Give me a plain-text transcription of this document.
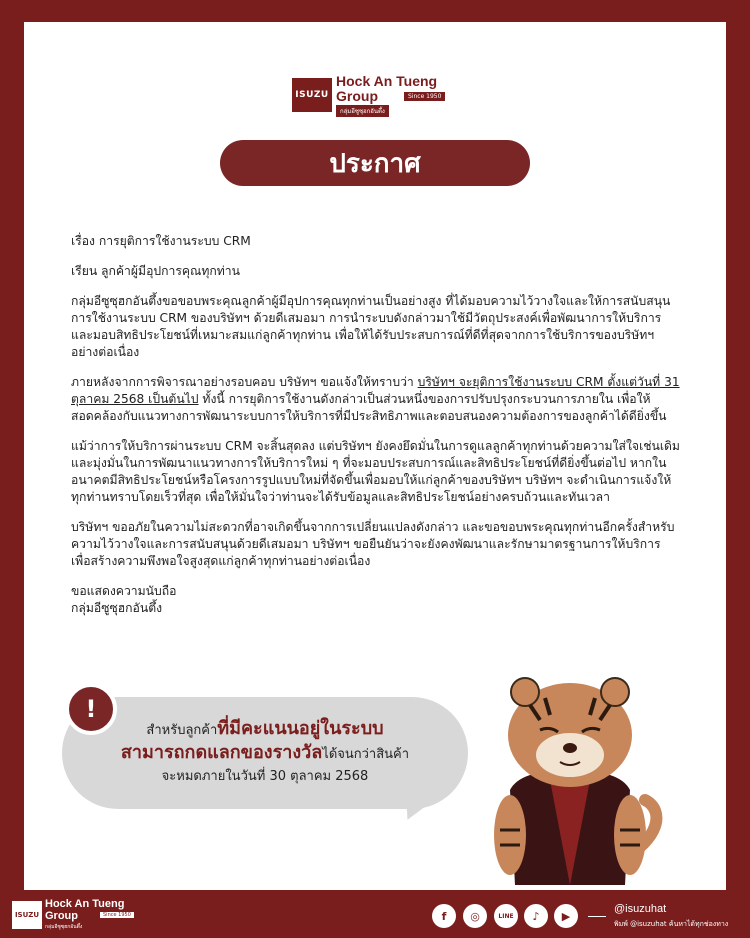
ISUZU
Hock An Tueng
Group	Since 1950
กลุ่มอีซูซุฮกอันตึ้ง
ประกาศ

เรื่อง การยุติการใช้งานระบบ CRM

เรียน ลูกค้าผู้มีอุปการคุณทุกท่าน

กลุ่มอีซูซุฮกอันตึ้งขอขอบพระคุณลูกค้าผู้มีอุปการคุณทุกท่านเป็นอย่างสูง ที่ได้มอบความไว้วางใจและให้การสนับสนุนการใช้งานระบบ CRM ของบริษัทฯ ด้วยดีเสมอมา การนำระบบดังกล่าวมาใช้มีวัตถุประสงค์เพื่อพัฒนาการให้บริการและมอบสิทธิประโยชน์ที่เหมาะสมแก่ลูกค้าทุกท่าน เพื่อให้ได้รับประสบการณ์ที่ดีที่สุดจากการใช้บริการของบริษัทฯ อย่างต่อเนื่อง

ภายหลังจากการพิจารณาอย่างรอบคอบ บริษัทฯ ขอแจ้งให้ทราบว่า บริษัทฯ จะยุติการใช้งานระบบ CRM ตั้งแต่วันที่ 31 ตุลาคม 2568 เป็นต้นไป ทั้งนี้ การยุติการใช้งานดังกล่าวเป็นส่วนหนึ่งของการปรับปรุงกระบวนการภายใน เพื่อให้สอดคล้องกับแนวทางการพัฒนาระบบการให้บริการที่มีประสิทธิภาพและตอบสนองความต้องการของลูกค้าได้ดียิ่งขึ้น

แม้ว่าการให้บริการผ่านระบบ CRM จะสิ้นสุดลง แต่บริษัทฯ ยังคงยึดมั่นในการดูแลลูกค้าทุกท่านด้วยความใส่ใจเช่นเดิม และมุ่งมั่นในการพัฒนาแนวทางการให้บริการใหม่ ๆ ที่จะมอบประสบการณ์และสิทธิประโยชน์ที่ดียิ่งขึ้นต่อไป หากในอนาคตมีสิทธิประโยชน์หรือโครงการรูปแบบใหม่ที่จัดขึ้นเพื่อมอบให้แก่ลูกค้าของบริษัทฯ บริษัทฯ จะดำเนินการแจ้งให้ทุกท่านทราบโดยเร็วที่สุด เพื่อให้มั่นใจว่าท่านจะได้รับข้อมูลและสิทธิประโยชน์อย่างครบถ้วนและทันเวลา

บริษัทฯ ขออภัยในความไม่สะดวกที่อาจเกิดขึ้นจากการเปลี่ยนแปลงดังกล่าว และขอขอบพระคุณทุกท่านอีกครั้งสำหรับความไว้วางใจและการสนับสนุนด้วยดีเสมอมา บริษัทฯ ขอยืนยันว่าจะยังคงพัฒนาและรักษามาตรฐานการให้บริการ เพื่อสร้างความพึงพอใจสูงสุดแก่ลูกค้าทุกท่านอย่างต่อเนื่อง

ขอแสดงความนับถือ
กลุ่มอีซูซุฮกอันตึ้ง

!
สำหรับลูกค้าที่มีคะแนนอยู่ในระบบ
สามารถกดแลกของรางวัลได้จนกว่าสินค้า
จะหมดภายในวันที่ 30 ตุลาคม 2568
ISUZU
Hock An Tueng
Group	Since 1950
กลุ่มอีซูซุฮกอันตึ้ง
f	◎	LINE	♪	▶
@isuzuhat
พิมพ์ @isuzuhat ค้นหาได้ทุกช่องทาง
